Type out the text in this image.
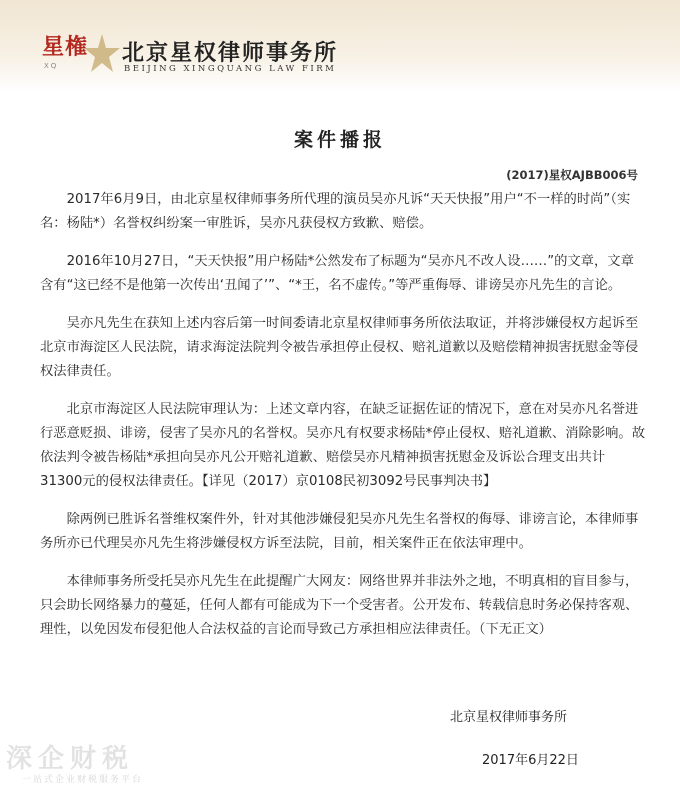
星権
XQ	北京星权律师事务所
BEIJING XINGQUANG LAW FIRM
案件播报
(2017)星权AJBB006号

2017年6月9日，由北京星权律师事务所代理的演员吴亦凡诉“天天快报”用户“不一样的时尚”（实名：杨陆*）名誉权纠纷案一审胜诉，吴亦凡获侵权方致歉、赔偿。

2016年10月27日，“天天快报”用户杨陆*公然发布了标题为“吴亦凡不改人设……”的文章，文章含有“这已经不是他第一次传出‘丑闻了’”、“*王，名不虚传。”等严重侮辱、诽谤吴亦凡先生的言论。

吴亦凡先生在获知上述内容后第一时间委请北京星权律师事务所依法取证，并将涉嫌侵权方起诉至北京市海淀区人民法院，请求海淀法院判令被告承担停止侵权、赔礼道歉以及赔偿精神损害抚慰金等侵权法律责任。

北京市海淀区人民法院审理认为：上述文章内容，在缺乏证据佐证的情况下，意在对吴亦凡名誉进行恶意贬损、诽谤，侵害了吴亦凡的名誉权。吴亦凡有权要求杨陆*停止侵权、赔礼道歉、消除影响。故依法判令被告杨陆*承担向吴亦凡公开赔礼道歉、赔偿吴亦凡精神损害抚慰金及诉讼合理支出共计31300元的侵权法律责任。【详见（2017）京0108民初3092号民事判决书】

除两例已胜诉名誉维权案件外，针对其他涉嫌侵犯吴亦凡先生名誉权的侮辱、诽谤言论，本律师事务所亦已代理吴亦凡先生将涉嫌侵权方诉至法院，目前，相关案件正在依法审理中。

本律师事务所受托吴亦凡先生在此提醒广大网友：网络世界并非法外之地，不明真相的盲目参与，只会助长网络暴力的蔓延，任何人都有可能成为下一个受害者。公开发布、转载信息时务必保持客观、理性，以免因发布侵犯他人合法权益的言论而导致己方承担相应法律责任。（下无正文）

北京星权律师事务所
2017年6月22日
深企财税
一站式企业财税服务平台
